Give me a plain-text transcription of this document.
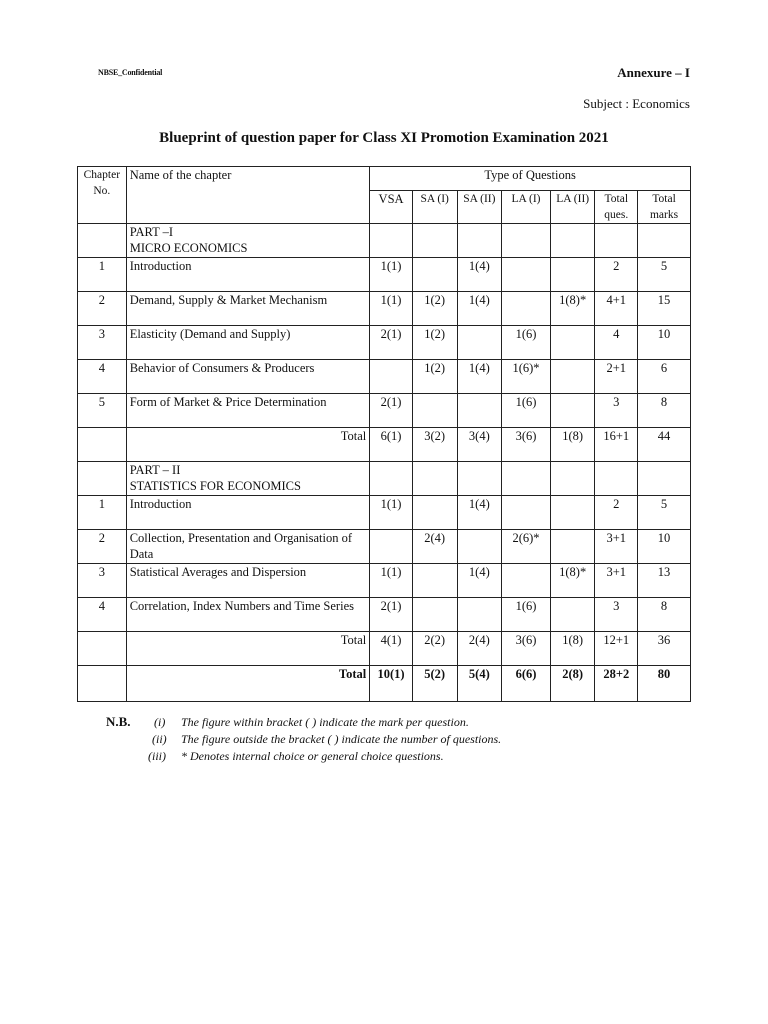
NBSE_Confidential	Annexure – I
Subject : Economics
Blueprint of question paper for Class XI Promotion Examination 2021
Chapter No.	Name of the chapter	Type of Questions						
		VSA	SA (I)	SA (II)	LA (I)	LA (II)	Total ques.	Total marks

	PART –I
MICRO ECONOMICS							

1	Introduction	1(1)		1(4)			2	5
2	Demand, Supply & Market Mechanism	1(1)	1(2)	1(4)		1(8)*	4+1	15
3	Elasticity (Demand and Supply)	2(1)	1(2)		1(6)		4	10
4	Behavior of Consumers & Producers		1(2)	1(4)	1(6)*		2+1	6
5	Form of Market & Price Determination	2(1)			1(6)		3	8
	Total	6(1)	3(2)	3(4)	3(6)	1(8)	16+1	44

	PART – II
STATISTICS FOR ECONOMICS							

1	Introduction	1(1)		1(4)			2	5
2	Collection, Presentation and Organisation of Data		2(4)		2(6)*		3+1	10
3	Statistical Averages and Dispersion	1(1)		1(4)		1(8)*	3+1	13
4	Correlation, Index Numbers and Time Series	2(1)			1(6)		3	8
	Total	4(1)	2(2)	2(4)	3(6)	1(8)	12+1	36
	Total	10(1)	5(2)	5(4)	6(6)	2(8)	28+2	80
N.B. (i) The figure within bracket ( ) indicate the mark per question.
(ii) The figure outside the bracket ( ) indicate the number of questions.
(iii) * Denotes internal choice or general choice questions.
